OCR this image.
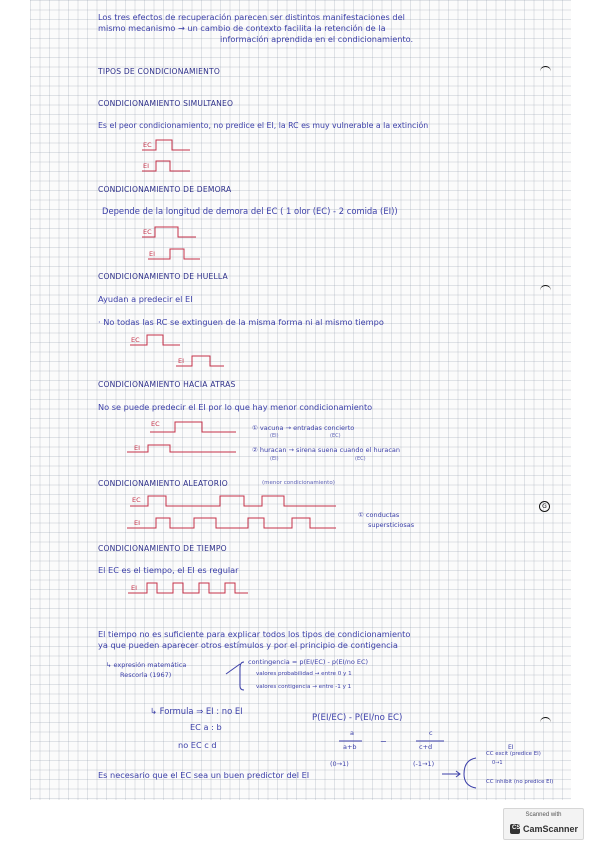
Los tres efectos de recuperación parecen ser distintos manifestaciones del

mismo mecanismo → un cambio de contexto facilita la retención de la

información aprendida en el condicionamiento.

TIPOS DE CONDICIONAMIENTO

CONDICIONAMIENTO SIMULTANEO

Es el peor condicionamiento, no predice el EI, la RC es muy vulnerable a la extinción

CONDICIONAMIENTO DE DEMORA

Depende de la longitud de demora del EC ( 1 olor (EC) - 2 comida (EI))

CONDICIONAMIENTO DE HUELLA

Ayudan a predecir el EI

· No todas las RC se extinguen de la misma forma ni al mismo tiempo

CONDICIONAMIENTO HACIA ATRAS

No se puede predecir el EI por lo que hay menor condicionamiento

① vacuna → entradas concierto

(EI)	(EC)

② huracan → sirena suena cuando el huracan

(EI)	(EC)

CONDICIONAMIENTO ALEATORIO	(menor condicionamiento)

① conductas

supersticiosas

G

CONDICIONAMIENTO DE TIEMPO

El EC es el tiempo, el EI es regular

El tiempo no es suficiente para explicar todos los tipos de condicionamiento

ya que pueden aparecer otros estímulos y por el principio de contigencia

↳ expresión matemática

Rescorla (1967)

contingencia = p(EI/EC) - p(EI/no EC)

valores probabilidad → entre 0 y 1

valores contigencia → entre -1 y 1

↳ Formula ⇒ EI : no EI

EC a : b

no EC c d

P(EI/EC) - P(EI/no EC)

a

a+b

−

c

c+d

(0→1)	(-1→1)

Es necesario que el EC sea un buen predictor del EI

CC excit (predice EI)

0→1

CC inhibit (no predice EI)

EC
EI
EC
EI
EC
EI
EC
EI
EC
EI
EI
EI
Scanned with
CS CamScanner
